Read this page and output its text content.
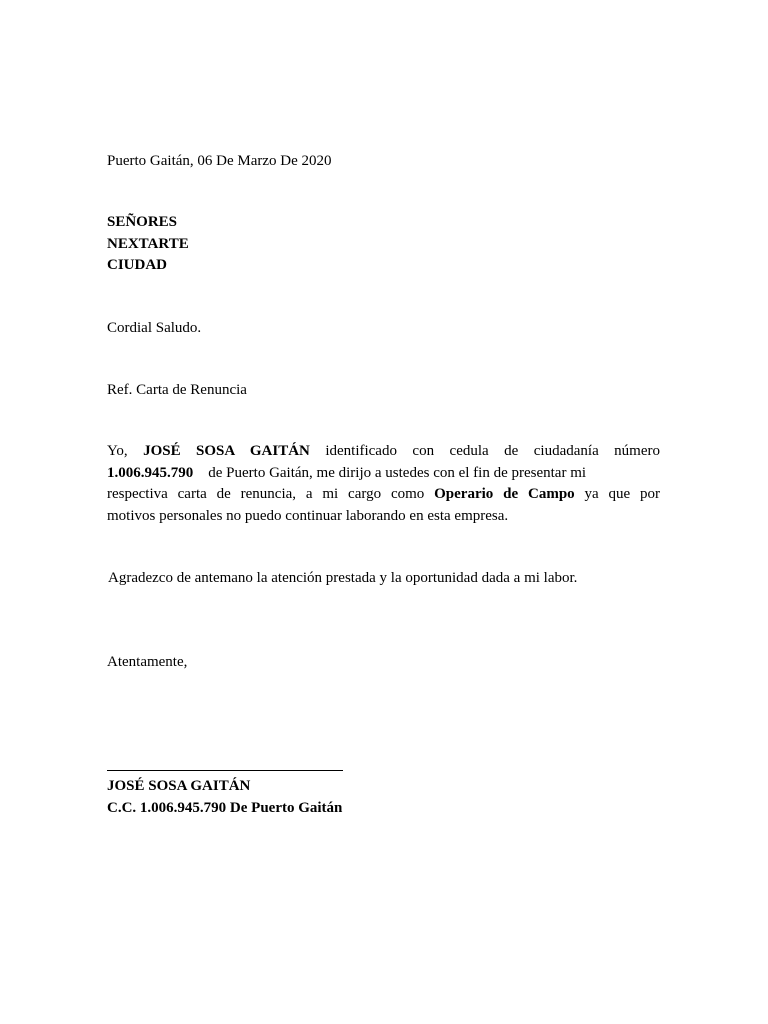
Puerto Gaitán, 06 De Marzo De 2020
SEÑORES
NEXTARTE
CIUDAD
Cordial Saludo.
Ref. Carta de Renuncia
Yo, JOSÉ SOSA GAITÁN identificado con cedula de ciudadanía número
1.006.945.790 de Puerto Gaitán, me dirijo a ustedes con el fin de presentar mi
respectiva carta de renuncia, a mi cargo como Operario de Campo ya que por
motivos personales no puedo continuar laborando en esta empresa.
Agradezco de antemano la atención prestada y la oportunidad dada a mi labor.
Atentamente,
JOSÉ SOSA GAITÁN
C.C. 1.006.945.790 De Puerto Gaitán
